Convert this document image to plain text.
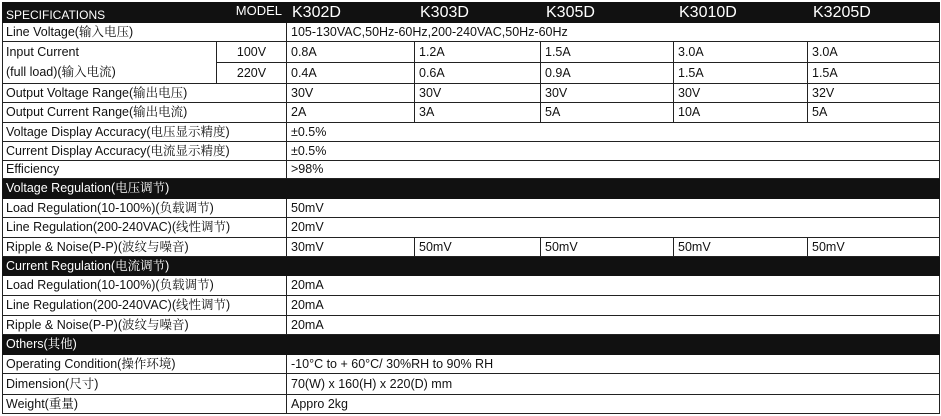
SPECIFICATIONS MODEL		K302D	K303D	K305D	K3010D	K3205D
Line Voltage(输入电压)		105-130VAC,50Hz-60Hz,200-240VAC,50Hz-60Hz				
Input Current
(full load)(输入电流)	100V	0.8A	1.2A	1.5A	3.0A	3.0A
	220V	0.4A	0.6A	0.9A	1.5A	1.5A
Output Voltage Range(输出电压)		30V	30V	30V	30V	32V
Output Current Range(输出电流)		2A	3A	5A	10A	5A
Voltage Display Accuracy(电压显示精度)		±0.5%				
Current Display Accuracy(电流显示精度)		±0.5%				
Efficiency		>98%				
Voltage Regulation(电压调节)						
Load Regulation(10-100%)(负载调节)		50mV				
Line Regulation(200-240VAC)(线性调节)		20mV				
Ripple & Noise(P-P)(波纹与噪音)		30mV	50mV	50mV	50mV	50mV
Current Regulation(电流调节)						
Load Regulation(10-100%)(负载调节)		20mA				
Line Regulation(200-240VAC)(线性调节)		20mA				
Ripple & Noise(P-P)(波纹与噪音)		20mA				
Others(其他)						
Operating Condition(操作环境)		-10°C to + 60°C/ 30%RH to 90% RH				
Dimension(尺寸)		70(W) x 160(H) x 220(D) mm				
Weight(重量)		Appro 2kg				
